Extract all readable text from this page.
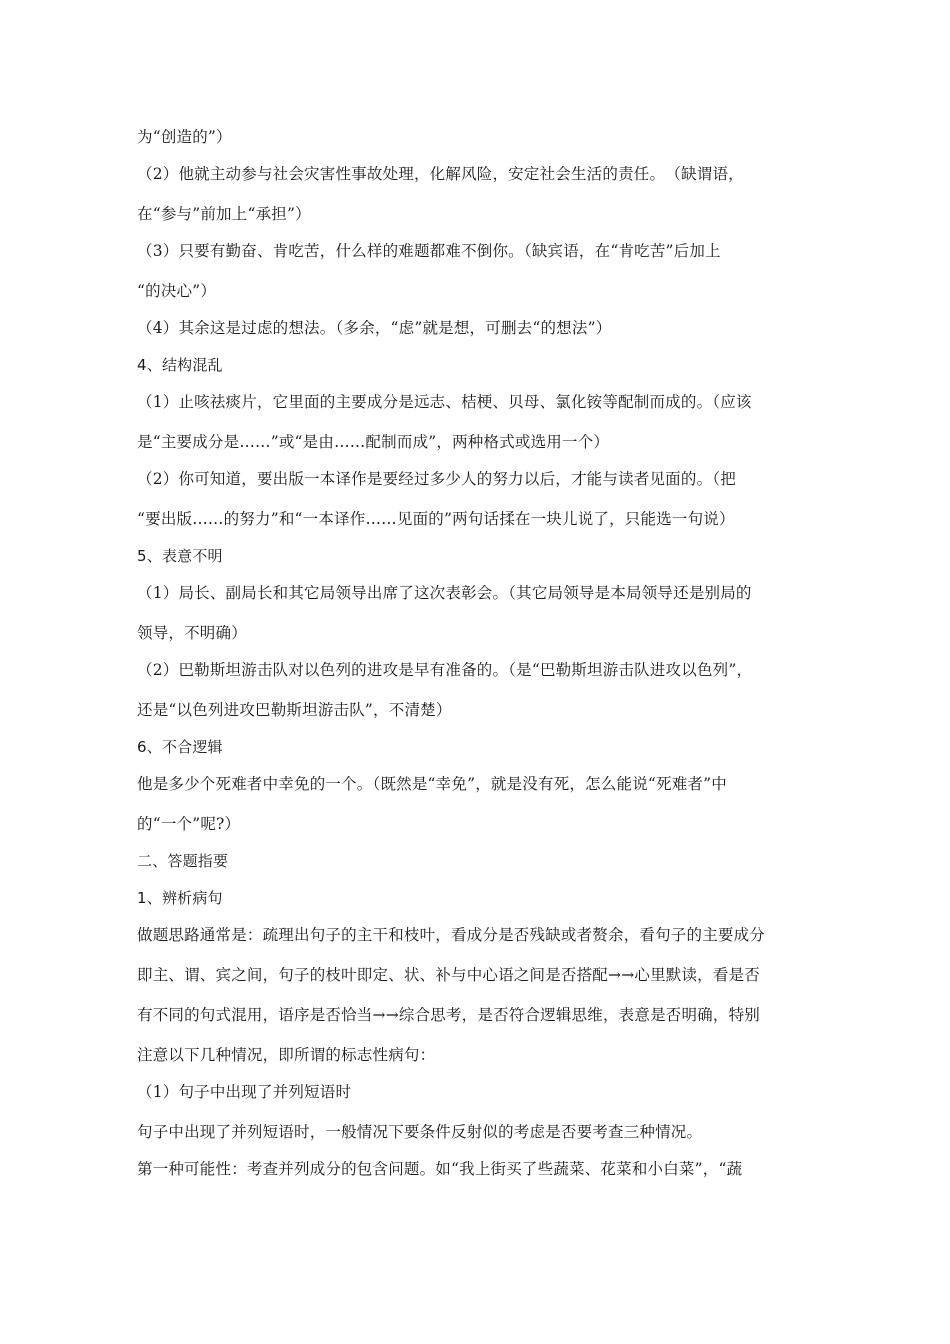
为“创造的”）
（2）他就主动参与社会灾害性事故处理，化解风险，安定社会生活的责任。　（缺谓语，
在“参与”前加上“承担”）
（3）只要有勤奋、肯吃苦，什么样的难题都难不倒你。（缺宾语，在“肯吃苦”后加上
“的决心”）
（4）其余这是过虑的想法。（多余，“虑”就是想，可删去“的想法”）
4、结构混乱
（1）止咳祛痰片，它里面的主要成分是远志、桔梗、贝母、氯化铵等配制而成的。（应该
是“主要成分是……”或“是由……配制而成”，两种格式或选用一个）
（2）你可知道，要出版一本译作是要经过多少人的努力以后，才能与读者见面的。（把
“要出版……的努力”和“一本译作……见面的”两句话揉在一块儿说了，只能选一句说）
5、表意不明
（1）局长、副局长和其它局领导出席了这次表彰会。（其它局领导是本局领导还是别局的
领导，不明确）
（2）巴勒斯坦游击队对以色列的进攻是早有准备的。（是“巴勒斯坦游击队进攻以色列”，
还是“以色列进攻巴勒斯坦游击队”，不清楚）
6、不合逻辑
他是多少个死难者中幸免的一个。（既然是“幸免”，就是没有死，怎么能说“死难者”中
的“一个”呢?）
二、答题指要
1、辨析病句
做题思路通常是：疏理出句子的主干和枝叶，看成分是否残缺或者赘余，看句子的主要成分
即主、谓、宾之间，句子的枝叶即定、状、补与中心语之间是否搭配→→心里默读，看是否
有不同的句式混用，语序是否恰当→→综合思考，是否符合逻辑思维，表意是否明确，特别
注意以下几种情况，即所谓的标志性病句：
（1）句子中出现了并列短语时
句子中出现了并列短语时，一般情况下要条件反射似的考虑是否要考查三种情况。
第一种可能性：考查并列成分的包含问题。如“我上街买了些蔬菜、花菜和小白菜”，“蔬
